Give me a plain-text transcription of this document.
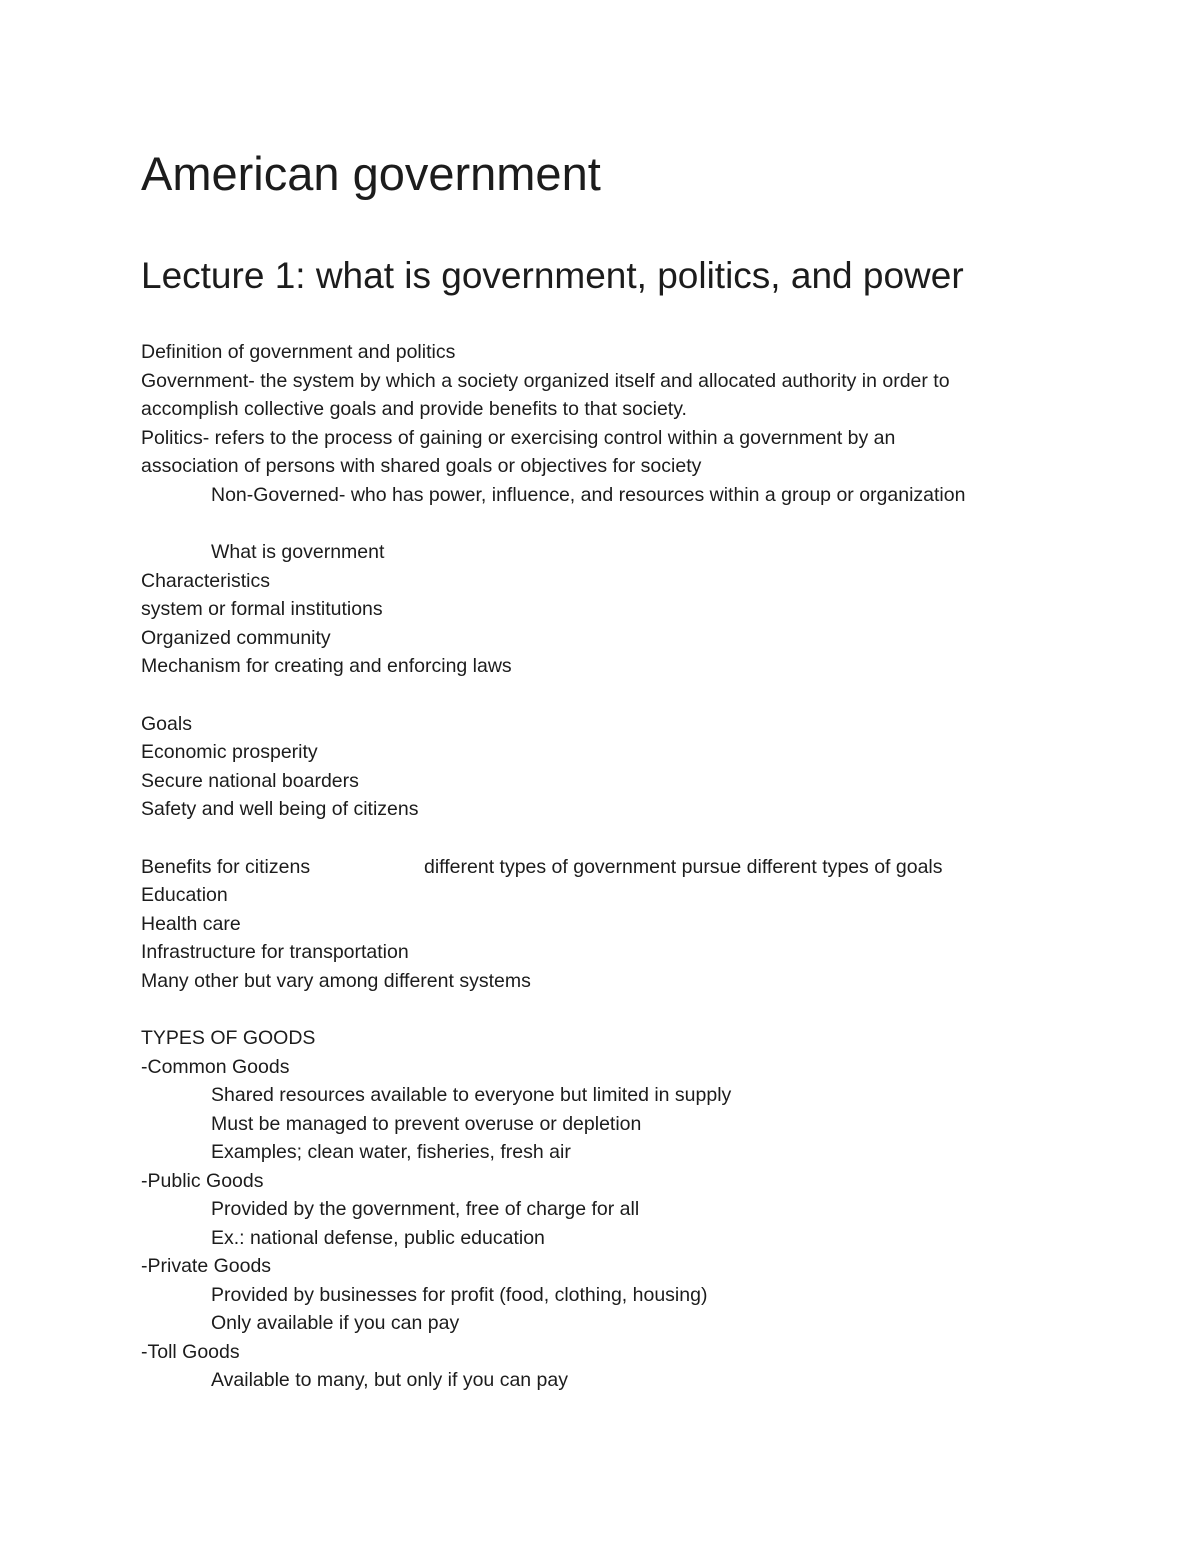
American government
Lecture 1: what is government, politics, and power
Definition of government and politics
Government- the system by which a society organized itself and allocated authority in order to
accomplish collective goals and provide benefits to that society.
Politics- refers to the process of gaining or exercising control within a government by an
association of persons with shared goals or objectives for society
Non-Governed- who has power, influence, and resources within a group or organization
What is government
Characteristics
system or formal institutions
Organized community
Mechanism for creating and enforcing laws
Goals
Economic prosperity
Secure national boarders
Safety and well being of citizens
Benefits for citizens	different types of government pursue different types of goals
Education
Health care
Infrastructure for transportation
Many other but vary among different systems
TYPES OF GOODS
-Common Goods
Shared resources available to everyone but limited in supply
Must be managed to prevent overuse or depletion
Examples; clean water, fisheries, fresh air
-Public Goods
Provided by the government, free of charge for all
Ex.: national defense, public education
-Private Goods
Provided by businesses for profit (food, clothing, housing)
Only available if you can pay
-Toll Goods
Available to many, but only if you can pay
